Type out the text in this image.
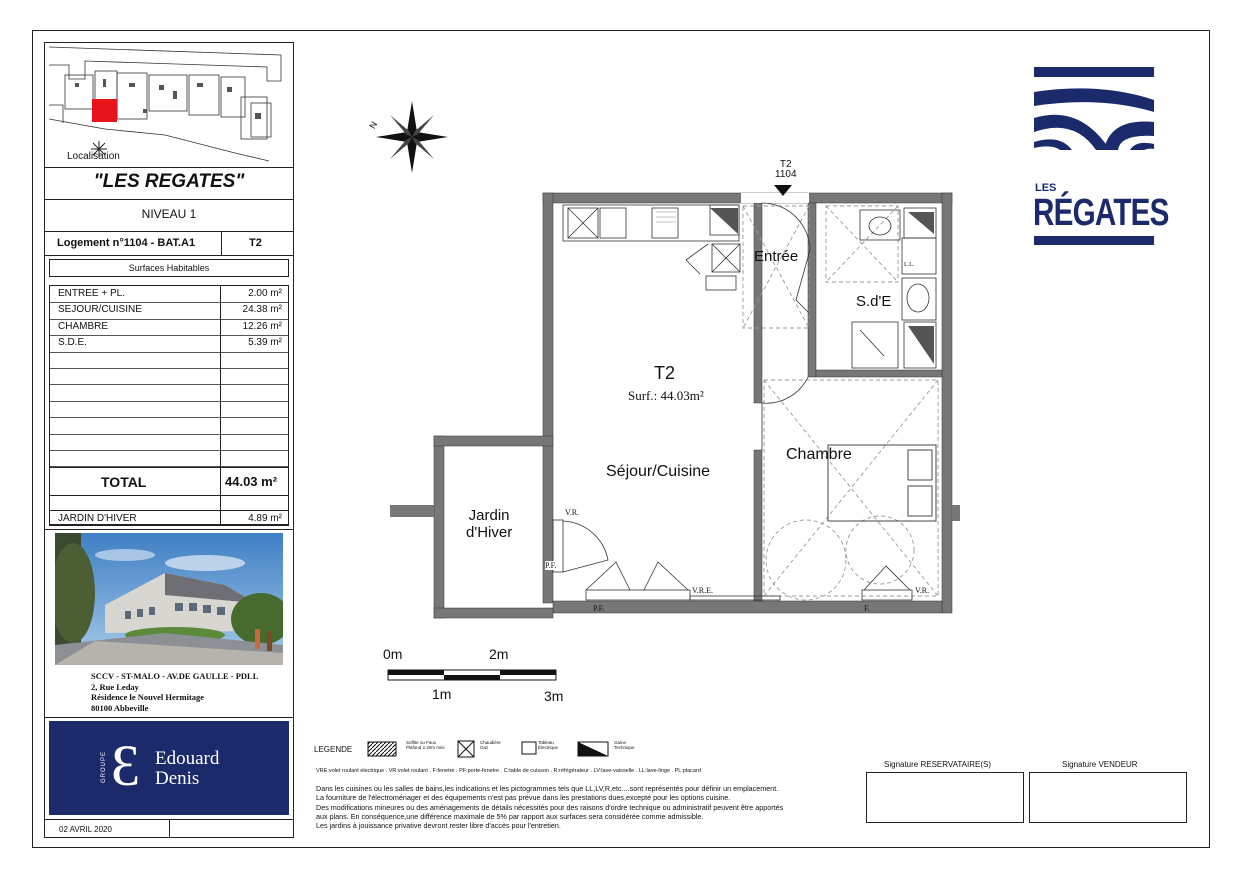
Localisation
"LES REGATES"
NIVEAU 1
Logement n°1104 - BAT.A1	T2
Surfaces Habitables
ENTREE + PL.	2.00 m²
SEJOUR/CUISINE	24.38 m²
CHAMBRE	12.26 m²
S.D.E.	5.39 m²
TOTAL	44.03 m²
JARDIN D'HIVER	4.89 m²
SCCV - ST-MALO - AV.DE GAULLE - PDLL
2, Rue Leday
Résidence le Nouvel Hermitage
80100 Abbeville
GROUPE Ɛ Edouard
Denis
02 AVRIL 2020
N
T2
1104
Entrée
S.d'E
T2
Surf.: 44.03m²
Séjour/Cuisine
Chambre
Jardin
d'Hiver
V.R.
P.F.
P.F.
V.R.E.
F.
V.R.
L.L.
0m	2m
1m	3m
LES
RÉGATES
LEGENDE
Soffite ou Faux Plafond 2.20m mini
Chaudière Gaz
Tableau Électrique
Gaine Technique
VRE:volet roulant electrique . VR:volet roulant . F:fenetre . PF:porte-fenetre . C:table de cuisson . R:réfrigérateur . LV:lave-vaisselle . LL:lave-linge . PL:placard
Dans les cuisines ou les salles de bains,les indications et les pictogrammes tels que LL,LV,R,etc....sont représentés pour définir un emplacement.
La fourniture de l'électroménager et des équipements n'est pas prévue dans les prestations dues,excepté pour les options cuisine.
Des modifications mineures ou des aménagements de détails nécessités pour des raisons d'ordre technique ou administratif peuvent être apportés
aux plans. En conséquence,une différence maximale de 5% par rapport aux surfaces sera considérée comme admissible.
Les jardins à jouissance privative devront rester libre d'accès pour l'entretien.
Signature RESERVATAIRE(S)	Signature VENDEUR
